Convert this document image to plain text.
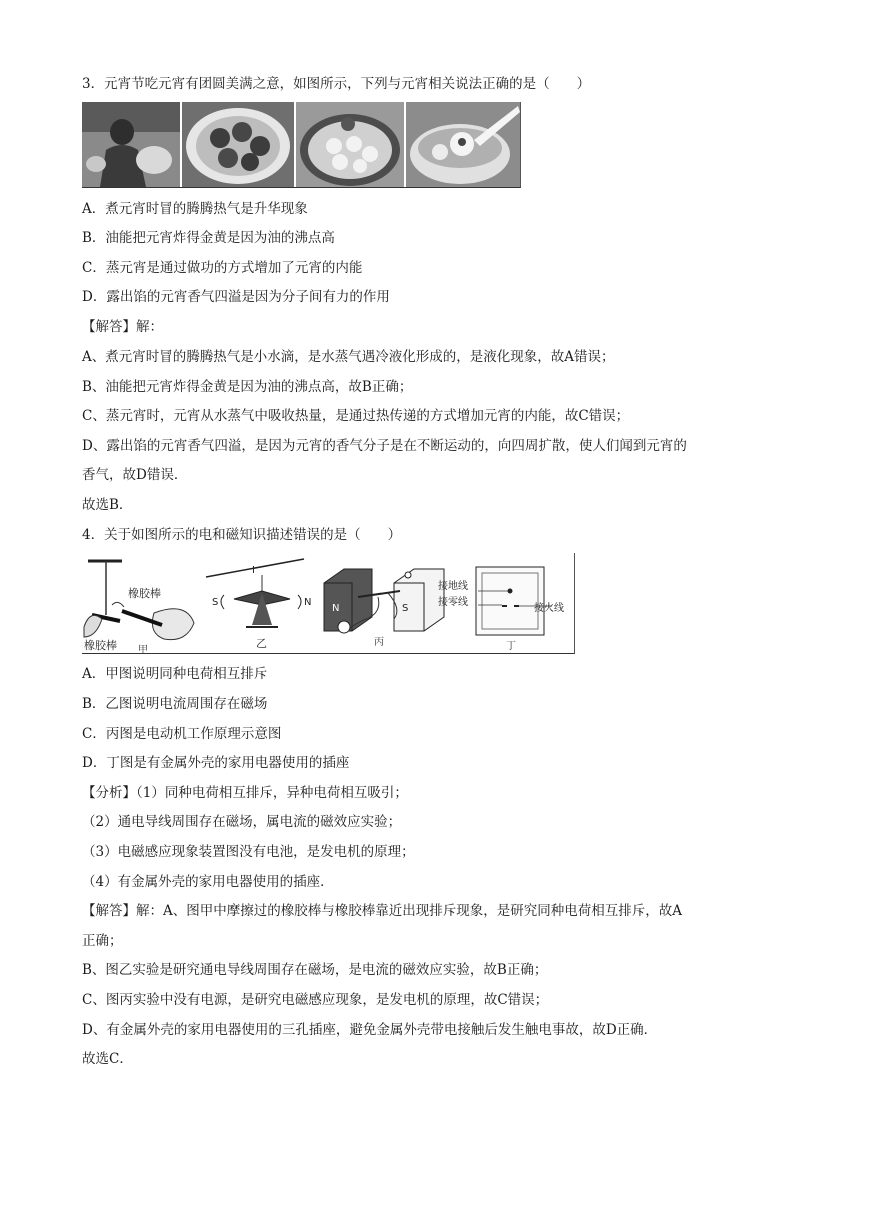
3．元宵节吃元宵有团圆美满之意，如图所示，下列与元宵相关说法正确的是（　　）
A．煮元宵时冒的腾腾热气是升华现象
B．油能把元宵炸得金黄是因为油的沸点高
C．蒸元宵是通过做功的方式增加了元宵的内能
D．露出馅的元宵香气四溢是因为分子间有力的作用
【解答】解：
A、煮元宵时冒的腾腾热气是小水滴，是水蒸气遇冷液化形成的，是液化现象，故A错误；
B、油能把元宵炸得金黄是因为油的沸点高，故B正确；
C、蒸元宵时，元宵从水蒸气中吸收热量，是通过热传递的方式增加元宵的内能，故C错误；
D、露出馅的元宵香气四溢，是因为元宵的香气分子是在不断运动的，向四周扩散，使人们闻到元宵的
香气，故D错误．
故选B．
4．关于如图所示的电和磁知识描述错误的是（　　）
橡胶棒
橡胶棒 甲
I
S	N
乙
N	S
丙
接地线
接零线
接火线
丁
A．甲图说明同种电荷相互排斥
B．乙图说明电流周围存在磁场
C．丙图是电动机工作原理示意图
D．丁图是有金属外壳的家用电器使用的插座
【分析】（1）同种电荷相互排斥，异种电荷相互吸引；
（2）通电导线周围存在磁场，属电流的磁效应实验；
（3）电磁感应现象装置图没有电池，是发电机的原理；
（4）有金属外壳的家用电器使用的插座．
【解答】解：A、图甲中摩擦过的橡胶棒与橡胶棒靠近出现排斥现象，是研究同种电荷相互排斥，故A
正确；
B、图乙实验是研究通电导线周围存在磁场，是电流的磁效应实验，故B正确；
C、图丙实验中没有电源，是研究电磁感应现象，是发电机的原理，故C错误；
D、有金属外壳的家用电器使用的三孔插座，避免金属外壳带电接触后发生触电事故，故D正确．
故选C．
